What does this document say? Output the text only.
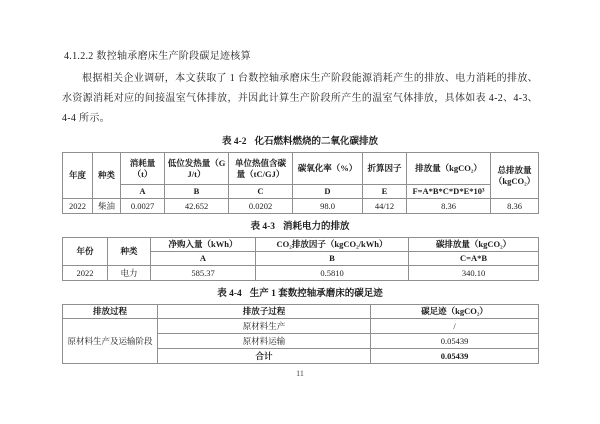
4.1.2.2 数控轴承磨床生产阶段碳足迹核算
根据相关企业调研，本文获取了 1 台数控轴承磨床生产阶段能源消耗产生的排放、电力消耗的排放、水资源消耗对应的间接温室气体排放，并因此计算生产阶段所产生的温室气体排放，具体如表 4-2、4-3、4-4 所示。
表 4-2 化石燃料燃烧的二氧化碳排放
年度	种类	消耗量（t）	低位发热量（GJ/t）	单位热值含碳量（tC/GJ）	碳氧化率（%）	折算因子	排放量（kgCO₂）	总排放量（kgCO₂）
		A	B	C	D	E	F=A*B*C*D*E*10³	
2022	柴油	0.0027	42.652	0.0202	98.0	44/12	8.36	8.36
表 4-3 消耗电力的排放
年份	种类	净购入量（kWh）	CO₂排放因子（kgCO₂/kWh）	碳排放量（kgCO₂）
		A	B	C=A*B
2022	电力	585.37	0.5810	340.10
表 4-4 生产 1 套数控轴承磨床的碳足迹
排放过程	排放子过程	碳足迹（kgCO₂）
原材料生产及运输阶段	原材料生产	/
	原材料运输	0.05439
	合计	0.05439
11
